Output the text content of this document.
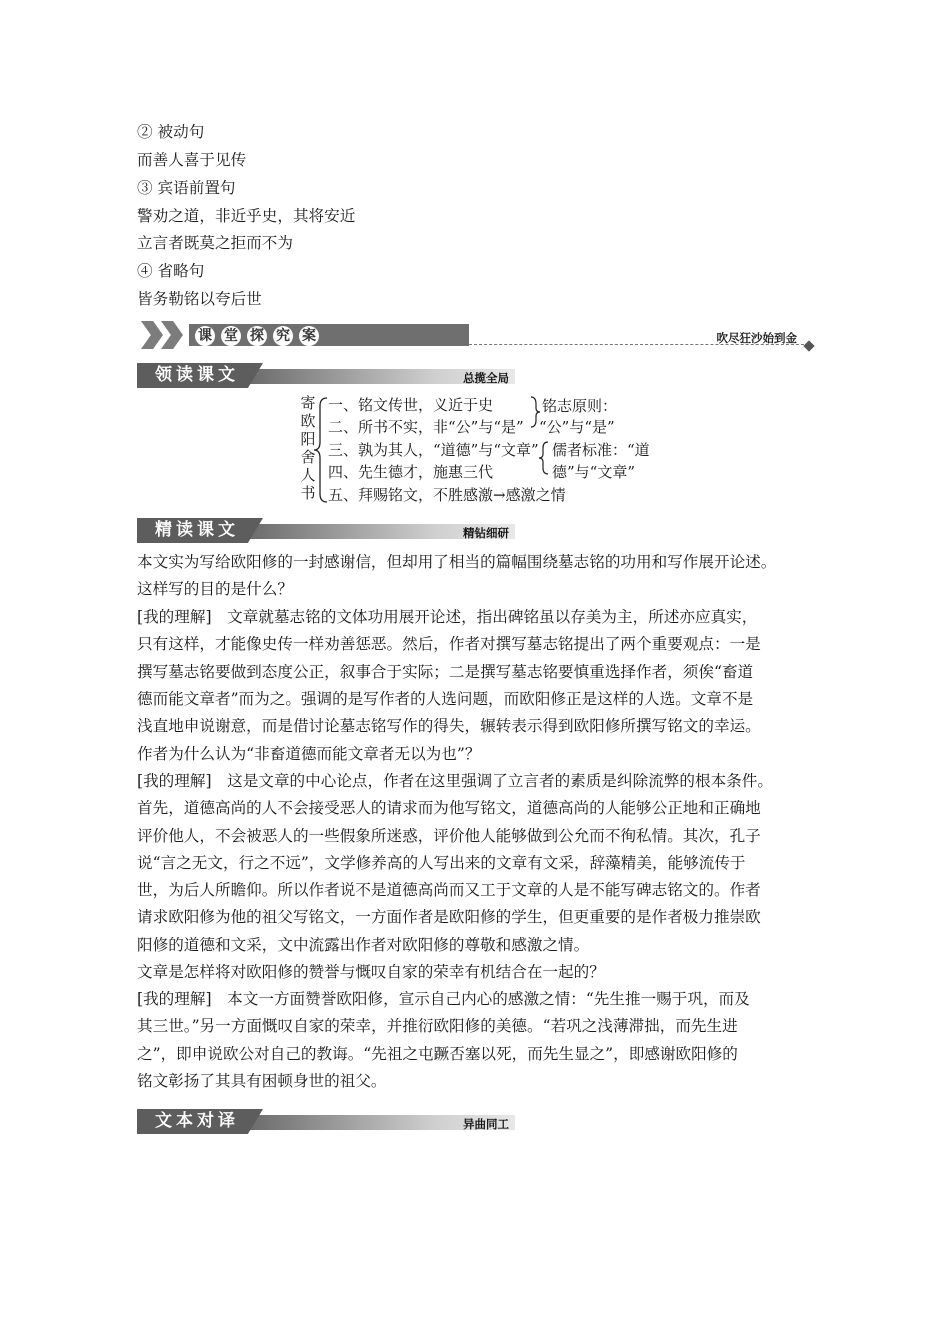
② 被动句
而善人喜于见传
③ 宾语前置句
警劝之道，非近乎史，其将安近
立言者既莫之拒而不为
④ 省略句
皆务勒铭以夸后世
课 堂 探 究 案	吹尽狂沙始到金
领读课文	总揽全局
寄
欧
阳
舍
人
书
一、铭文传世，义近于史
二、所书不实，非“公”与“是”
三、孰为其人，“道德”与“文章”
四、先生德才，施惠三代
五、拜赐铭文，不胜感激→感激之情
铭志原则：
“公”与“是”
儒者标准：“道
德”与“文章”
精读课文	精钻细研
本文实为写给欧阳修的一封感谢信，但却用了相当的篇幅围绕墓志铭的功用和写作展开论述。
这样写的目的是什么？
[我的理解]　 文章就墓志铭的文体功用展开论述，指出碑铭虽以存美为主，所述亦应真实，
只有这样，才能像史传一样劝善惩恶。然后，作者对撰写墓志铭提出了两个重要观点：一是
撰写墓志铭要做到态度公正，叙事合于实际；二是撰写墓志铭要慎重选择作者，须俟“畜道
德而能文章者”而为之。强调的是写作者的人选问题，而欧阳修正是这样的人选。文章不是
浅直地申说谢意，而是借讨论墓志铭写作的得失，辗转表示得到欧阳修所撰写铭文的幸运。
作者为什么认为“非畜道德而能文章者无以为也”？
[我的理解]　 这是文章的中心论点，作者在这里强调了立言者的素质是纠除流弊的根本条件。
首先，道德高尚的人不会接受恶人的请求而为他写铭文，道德高尚的人能够公正地和正确地
评价他人，不会被恶人的一些假象所迷惑，评价他人能够做到公允而不徇私情。其次，孔子
说“言之无文，行之不远”，文学修养高的人写出来的文章有文采，辞藻精美，能够流传于
世，为后人所瞻仰。所以作者说不是道德高尚而又工于文章的人是不能写碑志铭文的。作者
请求欧阳修为他的祖父写铭文，一方面作者是欧阳修的学生，但更重要的是作者极力推崇欧
阳修的道德和文采，文中流露出作者对欧阳修的尊敬和感激之情。
文章是怎样将对欧阳修的赞誉与慨叹自家的荣幸有机结合在一起的？
[我的理解]　 本文一方面赞誉欧阳修，宣示自己内心的感激之情：“先生推一赐于巩，而及
其三世。”另一方面慨叹自家的荣幸，并推衍欧阳修的美德。“若巩之浅薄滞拙，而先生进
之”，即申说欧公对自己的教诲。“先祖之屯蹶否塞以死，而先生显之”，即感谢欧阳修的
铭文彰扬了其具有困顿身世的祖父。
文本对译	异曲同工
